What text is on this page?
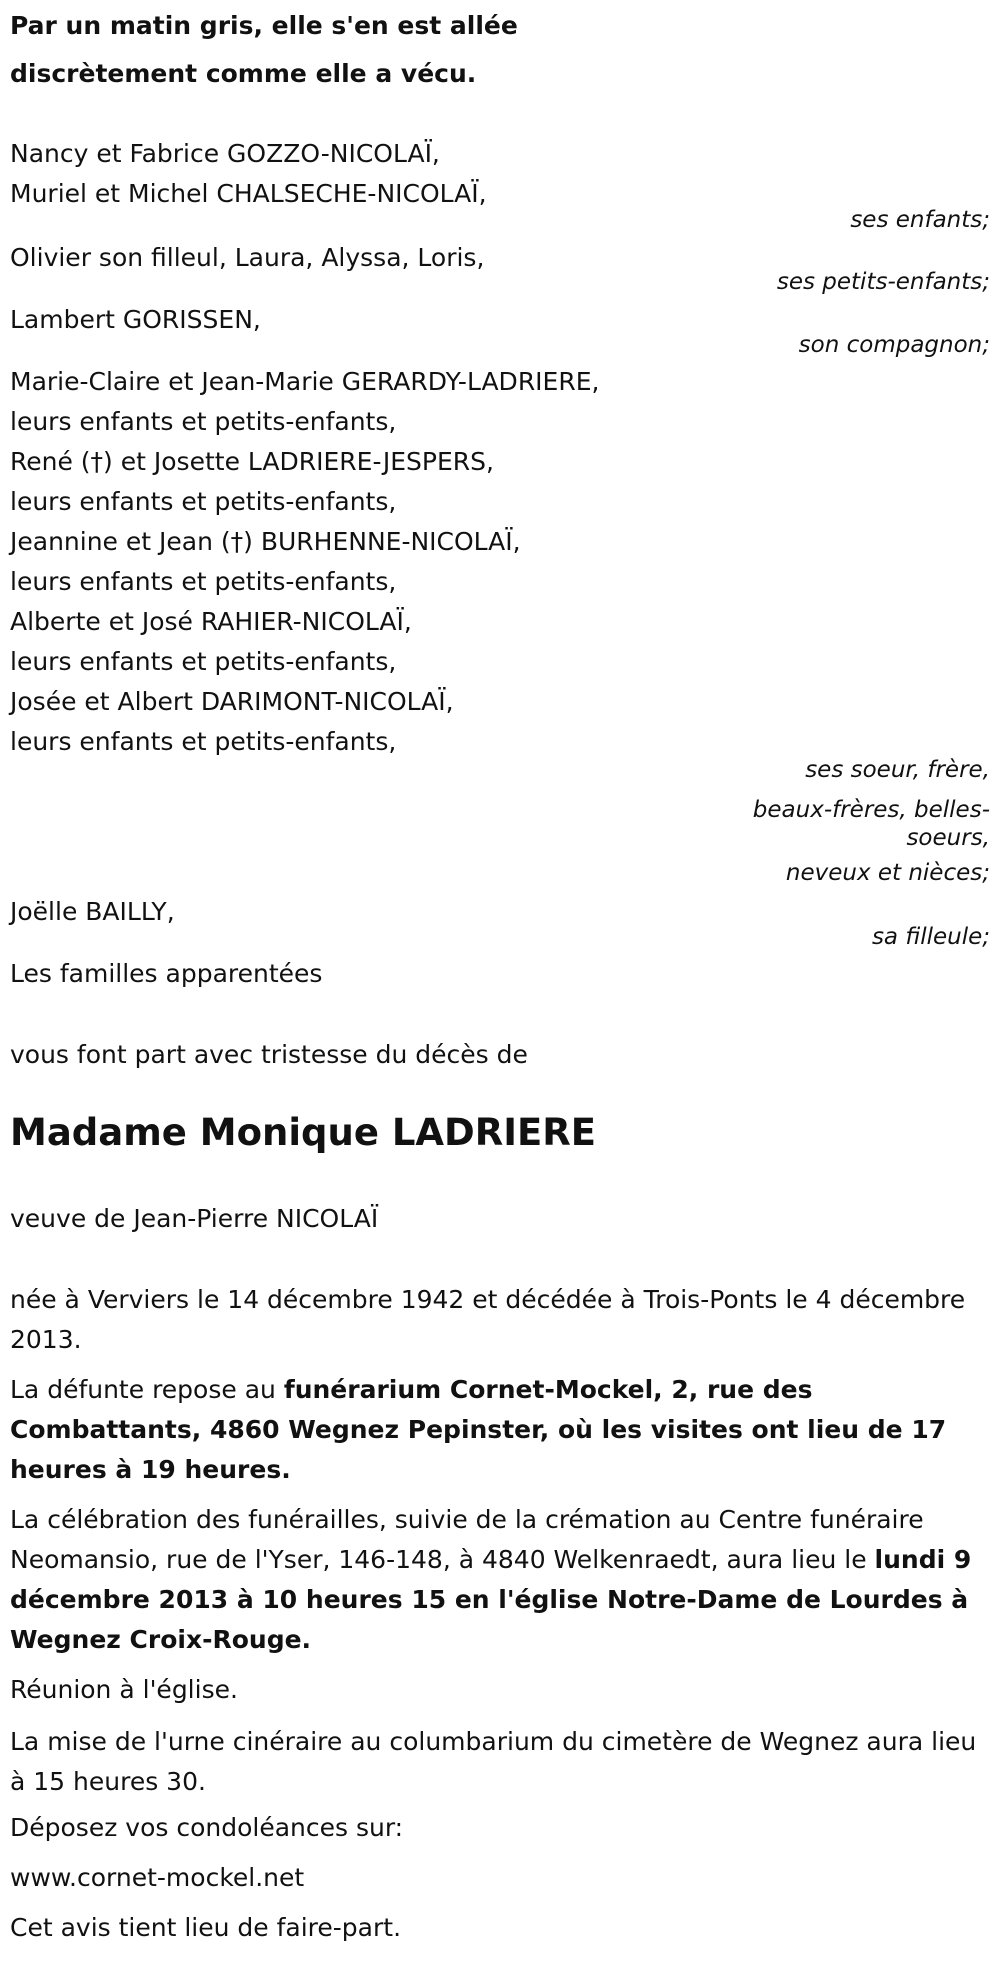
Par un matin gris, elle s'en est allée
discrètement comme elle a vécu.
Nancy et Fabrice GOZZO-NICOLAÏ,
Muriel et Michel CHALSECHE-NICOLAÏ,
ses enfants;
Olivier son filleul, Laura, Alyssa, Loris,
ses petits-enfants;
Lambert GORISSEN,
son compagnon;
Marie-Claire et Jean-Marie GERARDY-LADRIERE,
leurs enfants et petits-enfants,
René (†) et Josette LADRIERE-JESPERS,
leurs enfants et petits-enfants,
Jeannine et Jean (†) BURHENNE-NICOLAÏ,
leurs enfants et petits-enfants,
Alberte et José RAHIER-NICOLAÏ,
leurs enfants et petits-enfants,
Josée et Albert DARIMONT-NICOLAÏ,
leurs enfants et petits-enfants,
ses soeur, frère,
beaux-frères, belles-soeurs,
neveux et nièces;
Joëlle BAILLY,
sa filleule;
Les familles apparentées
vous font part avec tristesse du décès de
Madame Monique LADRIERE
veuve de Jean-Pierre NICOLAÏ
née à Verviers le 14 décembre 1942 et décédée à Trois-Ponts le 4 décembre 2013.
La défunte repose au funérarium Cornet-Mockel, 2, rue des Combattants, 4860 Wegnez Pepinster, où les visites ont lieu de 17 heures à 19 heures.
La célébration des funérailles, suivie de la crémation au Centre funéraire Neomansio, rue de l'Yser, 146-148, à 4840 Welkenraedt, aura lieu le lundi 9 décembre 2013 à 10 heures 15 en l'église Notre-Dame de Lourdes à Wegnez Croix-Rouge.
Réunion à l'église.
La mise de l'urne cinéraire au columbarium du cimetère de Wegnez aura lieu à 15 heures 30.
Déposez vos condoléances sur:
www.cornet-mockel.net
Cet avis tient lieu de faire-part.
